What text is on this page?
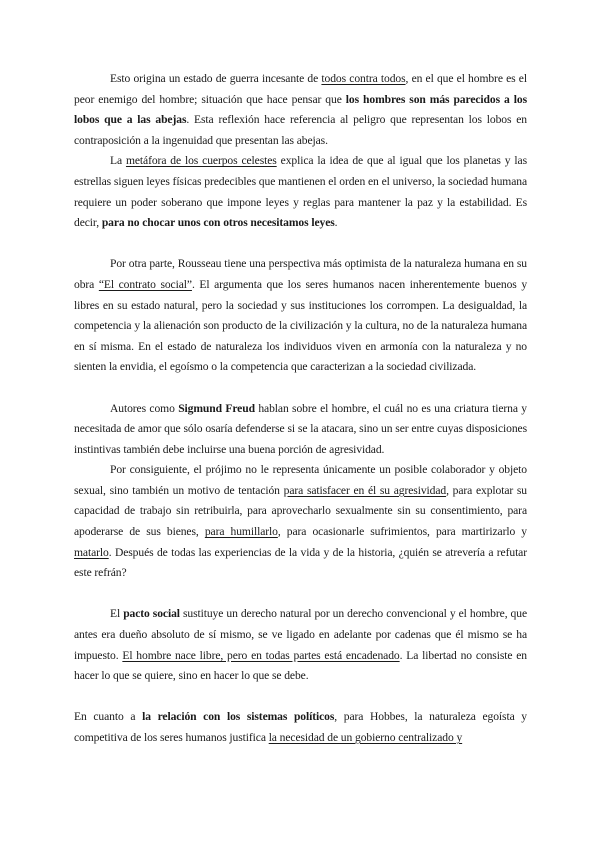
Esto origina un estado de guerra incesante de todos contra todos, en el que el hombre es el peor enemigo del hombre; situación que hace pensar que los hombres son más parecidos a los lobos que a las abejas. Esta reflexión hace referencia al peligro que representan los lobos en contraposición a la ingenuidad que presentan las abejas.

La metáfora de los cuerpos celestes explica la idea de que al igual que los planetas y las estrellas siguen leyes físicas predecibles que mantienen el orden en el universo, la sociedad humana requiere un poder soberano que impone leyes y reglas para mantener la paz y la estabilidad. Es decir, para no chocar unos con otros necesitamos leyes.

Por otra parte, Rousseau tiene una perspectiva más optimista de la naturaleza humana en su obra “El contrato social”. El argumenta que los seres humanos nacen inherentemente buenos y libres en su estado natural, pero la sociedad y sus instituciones los corrompen. La desigualdad, la competencia y la alienación son producto de la civilización y la cultura, no de la naturaleza humana en sí misma. En el estado de naturaleza los individuos viven en armonía con la naturaleza y no sienten la envidia, el egoísmo o la competencia que caracterizan a la sociedad civilizada.

Autores como Sigmund Freud hablan sobre el hombre, el cuál no es una criatura tierna y necesitada de amor que sólo osaría defenderse si se la atacara, sino un ser entre cuyas disposiciones instintivas también debe incluirse una buena porción de agresividad.

Por consiguiente, el prójimo no le representa únicamente un posible colaborador y objeto sexual, sino también un motivo de tentación para satisfacer en él su agresividad, para explotar su capacidad de trabajo sin retribuirla, para aprovecharlo sexualmente sin su consentimiento, para apoderarse de sus bienes, para humillarlo, para ocasionarle sufrimientos, para martirizarlo y matarlo. Después de todas las experiencias de la vida y de la historia, ¿quién se atrevería a refutar este refrán?

El pacto social sustituye un derecho natural por un derecho convencional y el hombre, que antes era dueño absoluto de sí mismo, se ve ligado en adelante por cadenas que él mismo se ha impuesto. El hombre nace libre, pero en todas partes está encadenado. La libertad no consiste en hacer lo que se quiere, sino en hacer lo que se debe.

En cuanto a la relación con los sistemas políticos, para Hobbes, la naturaleza egoísta y competitiva de los seres humanos justifica la necesidad de un gobierno centralizado y
